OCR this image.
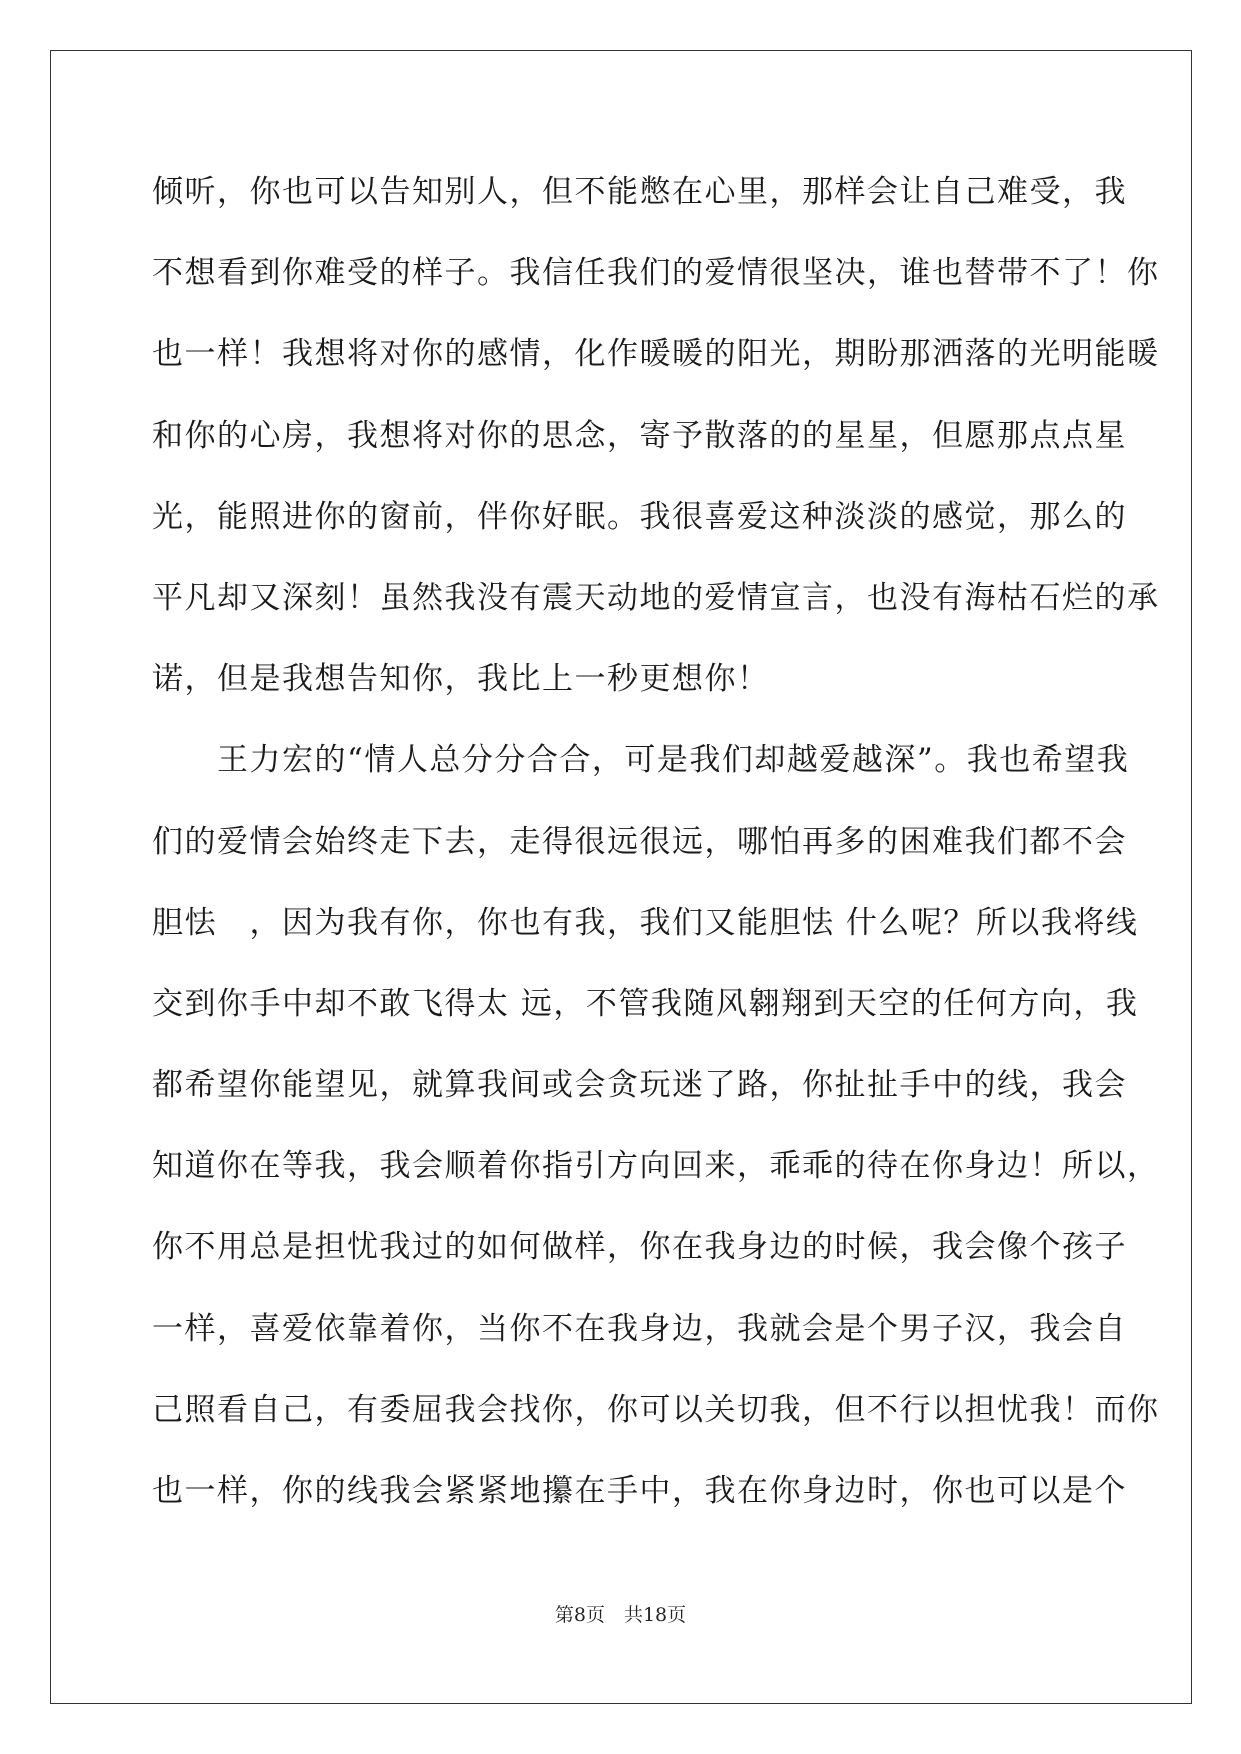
倾听，你也可以告知别人，但不能憋在心里，那样会让自己难受，我
不想看到你难受的样子。我信任我们的爱情很坚决，谁也替带不了！你
也一样！我想将对你的感情，化作暖暖的阳光，期盼那洒落的光明能暖
和你的心房，我想将对你的思念，寄予散落的的星星，但愿那点点星
光，能照进你的窗前，伴你好眠。我很喜爱这种淡淡的感觉，那么的
平凡却又深刻！虽然我没有震天动地的爱情宣言，也没有海枯石烂的承
诺，但是我想告知你，我比上一秒更想你！
　　王力宏的“情人总分分合合，可是我们却越爱越深”。我也希望我
们的爱情会始终走下去，走得很远很远，哪怕再多的困难我们都不会
胆怯　，因为我有你，你也有我，我们又能胆怯 什么呢？所以我将线
交到你手中却不敢飞得太 远，不管我随风翱翔到天空的任何方向，我
都希望你能望见，就算我间或会贪玩迷了路，你扯扯手中的线，我会
知道你在等我，我会顺着你指引方向回来，乖乖的待在你身边！所以，
你不用总是担忧我过的如何做样，你在我身边的时候，我会像个孩子
一样，喜爱依靠着你，当你不在我身边，我就会是个男子汉，我会自
己照看自己，有委屈我会找你，你可以关切我，但不行以担忧我！而你
也一样，你的线我会紧紧地攥在手中，我在你身边时，你也可以是个
第8页　共18页
